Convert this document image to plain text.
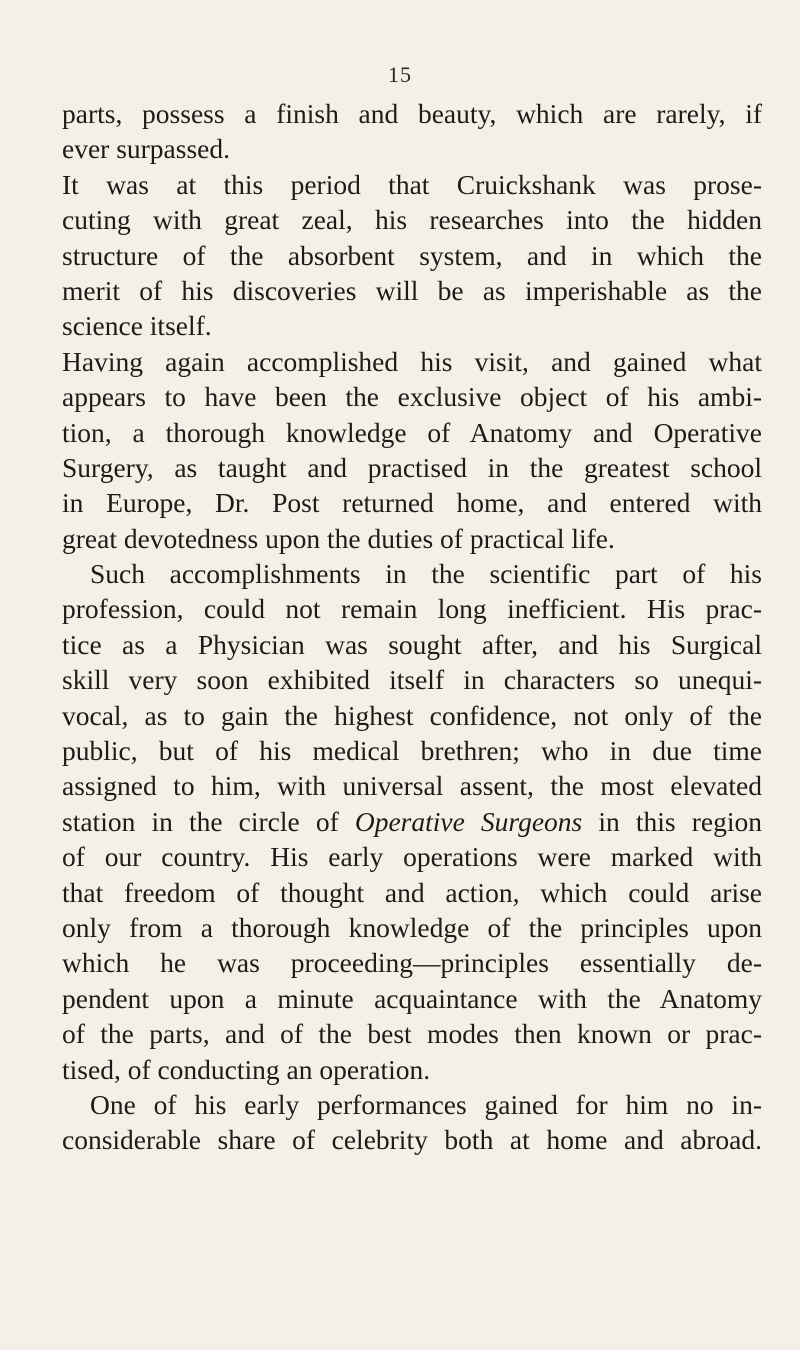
15
parts, possess a finish and beauty, which are rarely, if
ever surpassed.
It was at this period that Cruickshank was prose-
cuting with great zeal, his researches into the hidden
structure of the absorbent system, and in which the
merit of his discoveries will be as imperishable as the
science itself.
Having again accomplished his visit, and gained what
appears to have been the exclusive object of his ambi-
tion, a thorough knowledge of Anatomy and Operative
Surgery, as taught and practised in the greatest school
in Europe, Dr. Post returned home, and entered with
great devotedness upon the duties of practical life.
Such accomplishments in the scientific part of his
profession, could not remain long inefficient. His prac-
tice as a Physician was sought after, and his Surgical
skill very soon exhibited itself in characters so unequi-
vocal, as to gain the highest confidence, not only of the
public, but of his medical brethren; who in due time
assigned to him, with universal assent, the most elevated
station in the circle of Operative Surgeons in this region
of our country. His early operations were marked with
that freedom of thought and action, which could arise
only from a thorough knowledge of the principles upon
which he was proceeding—principles essentially de-
pendent upon a minute acquaintance with the Anatomy
of the parts, and of the best modes then known or prac-
tised, of conducting an operation.
One of his early performances gained for him no in-
considerable share of celebrity both at home and abroad.
